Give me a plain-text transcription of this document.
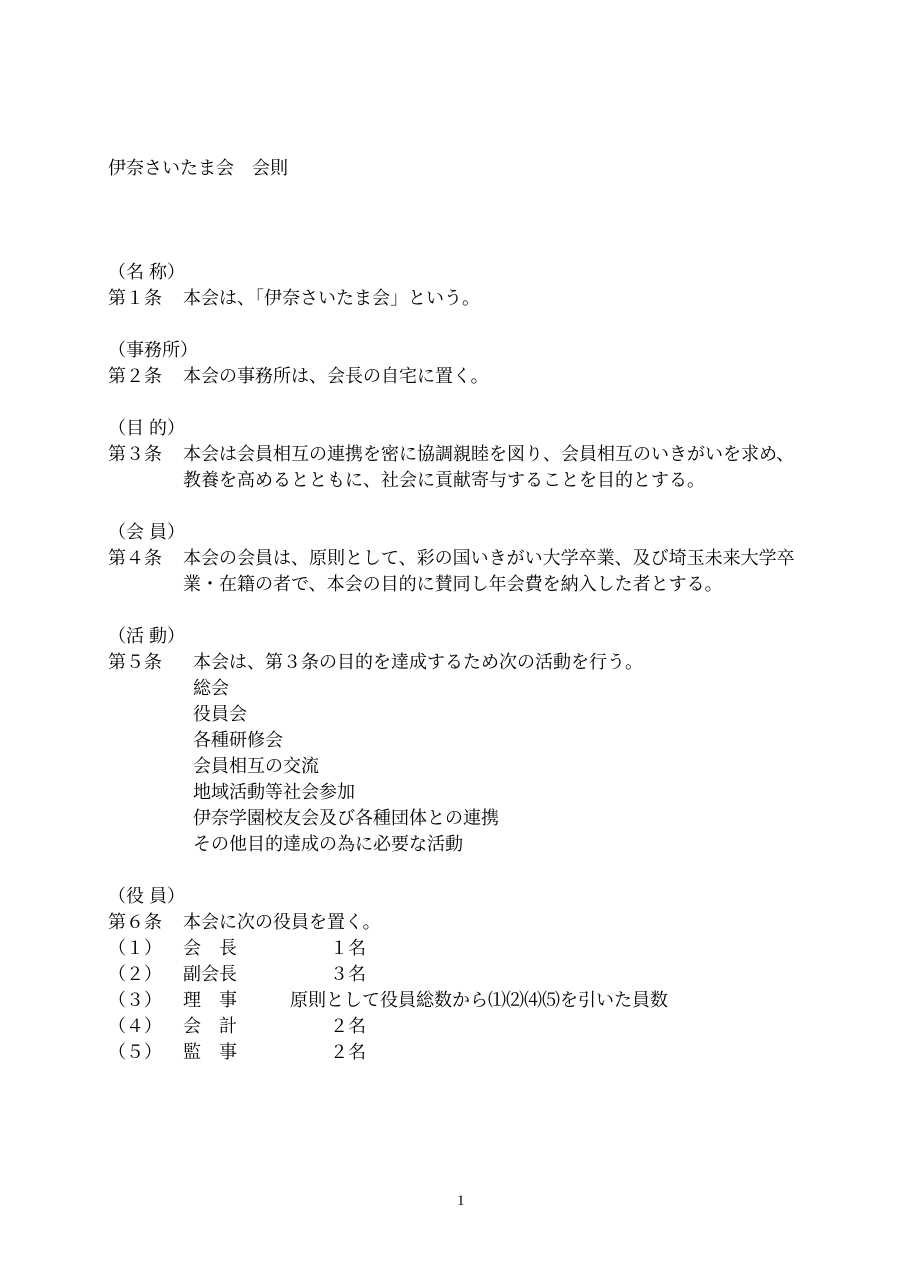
伊奈さいたま会　会則
（名 称）
第１条 本会は、「伊奈さいたま会」という。
（事務所）
第２条 本会の事務所は、会長の自宅に置く。
（目 的）
第３条 本会は会員相互の連携を密に協調親睦を図り、会員相互のいきがいを求め、
教養を高めるとともに、社会に貢献寄与することを目的とする。
（会 員）
第４条 本会の会員は、原則として、彩の国いきがい大学卒業、及び埼玉未来大学卒
業・在籍の者で、本会の目的に賛同し年会費を納入した者とする。
（活 動）
第５条 本会は、第３条の目的を達成するため次の活動を行う。
総会
役員会
各種研修会
会員相互の交流
地域活動等社会参加
伊奈学園校友会及び各種団体との連携
その他目的達成の為に必要な活動
（役 員）
第６条 本会に次の役員を置く。
（１） 会　長	１名
（２） 副会長	３名
（３） 理　事	原則として役員総数から⑴⑵⑷⑸を引いた員数
（４） 会　計	２名
（５） 監　事	２名
1
